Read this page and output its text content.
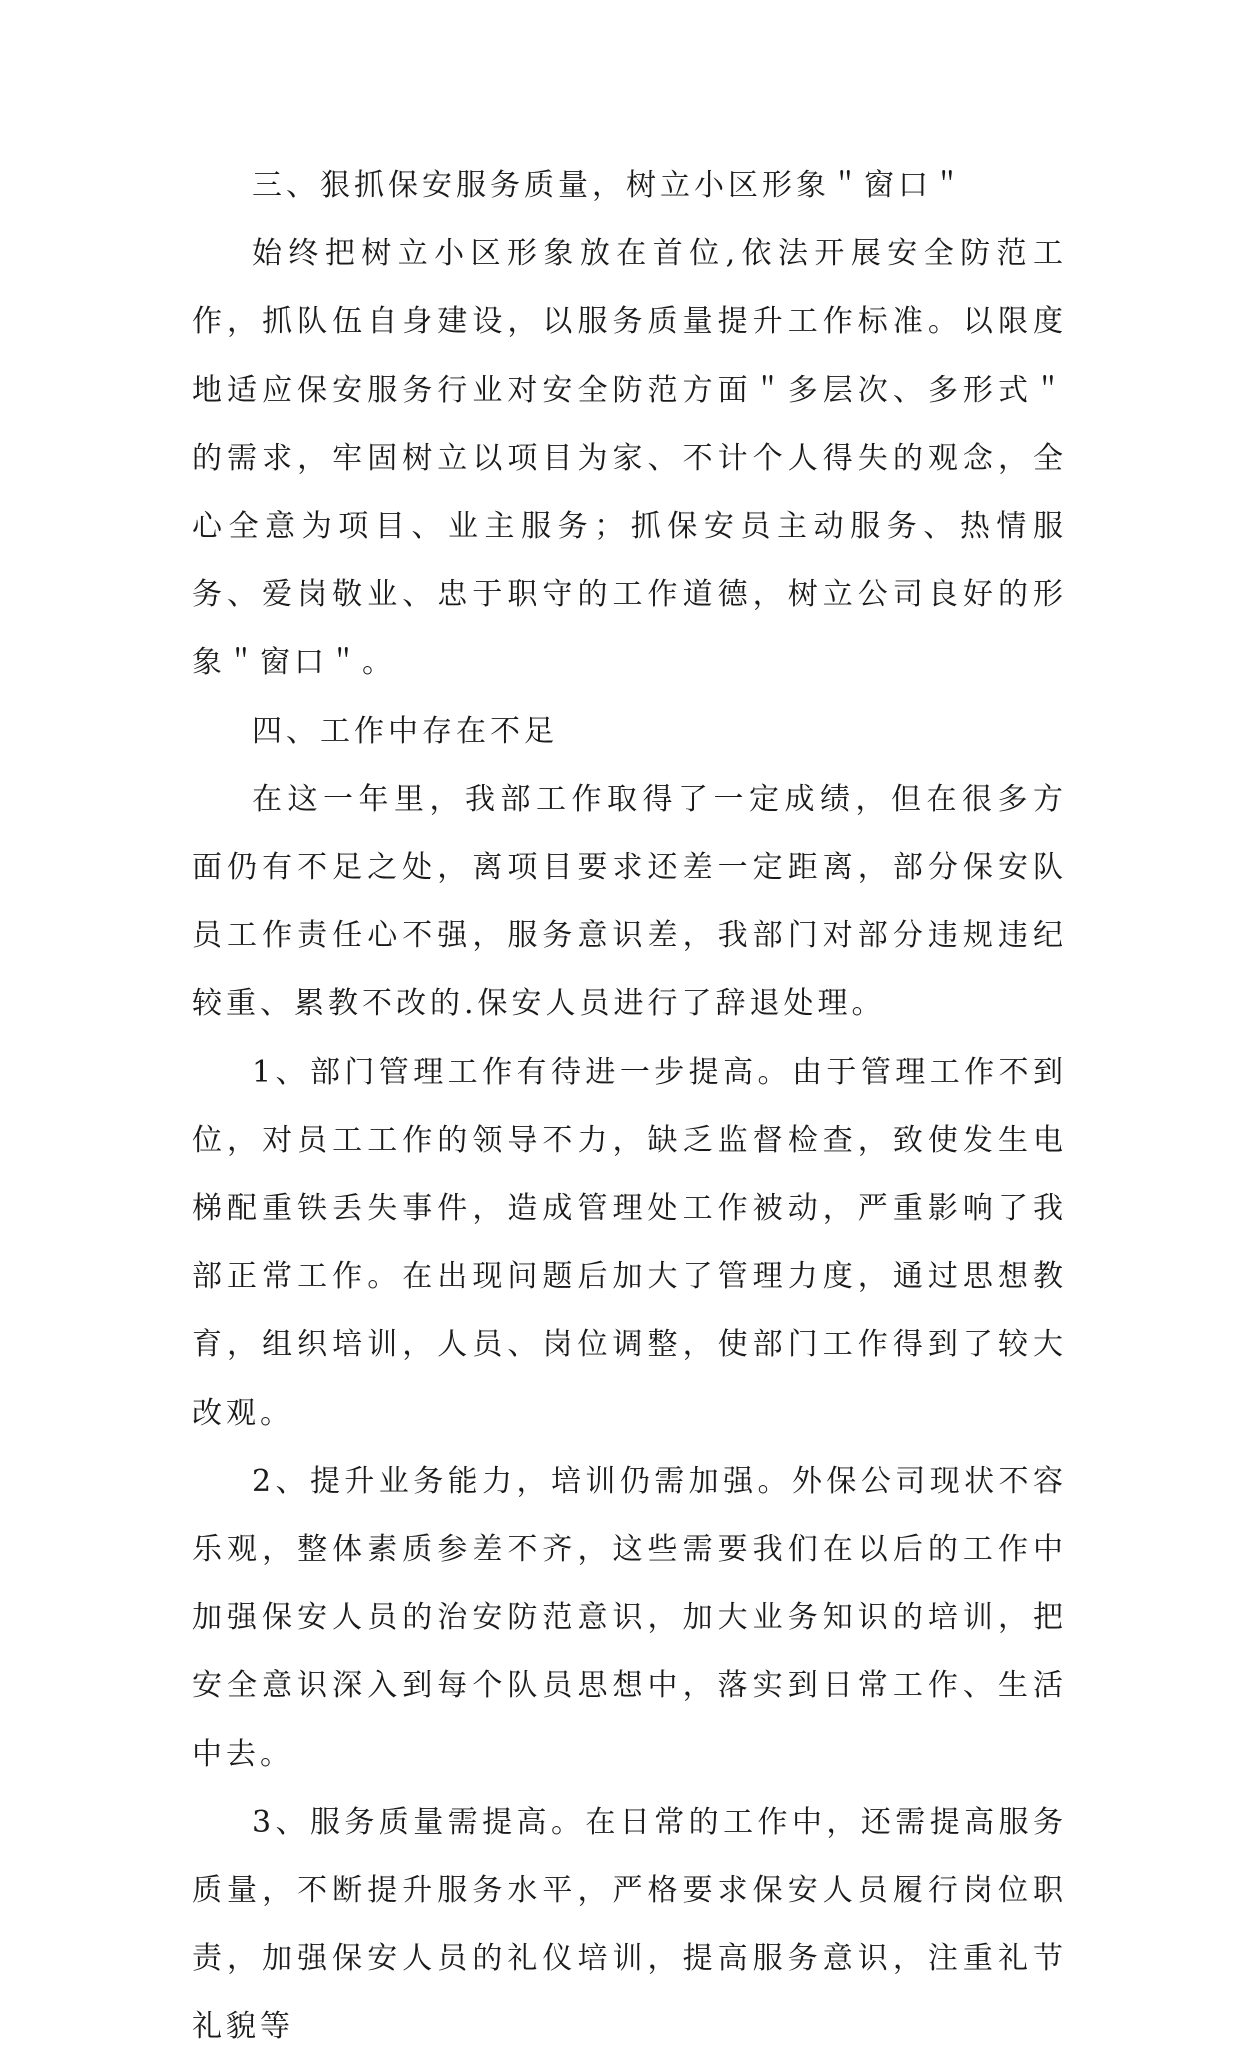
三、狠抓保安服务质量，树立小区形象＂窗口＂

始终把树立小区形象放在首位,依法开展安全防范工作，抓队伍自身建设，以服务质量提升工作标准。以限度地适应保安服务行业对安全防范方面＂多层次、多形式＂的需求，牢固树立以项目为家、不计个人得失的观念，全心全意为项目、业主服务；抓保安员主动服务、热情服务、爱岗敬业、忠于职守的工作道德，树立公司良好的形象＂窗口＂。

四、工作中存在不足

在这一年里，我部工作取得了一定成绩，但在很多方面仍有不足之处，离项目要求还差一定距离，部分保安队员工作责任心不强，服务意识差，我部门对部分违规违纪较重、累教不改的.保安人员进行了辞退处理。

1、部门管理工作有待进一步提高。由于管理工作不到位，对员工工作的领导不力，缺乏监督检查，致使发生电梯配重铁丢失事件，造成管理处工作被动，严重影响了我部正常工作。在出现问题后加大了管理力度，通过思想教育，组织培训，人员、岗位调整，使部门工作得到了较大改观。

2、提升业务能力，培训仍需加强。外保公司现状不容乐观，整体素质参差不齐，这些需要我们在以后的工作中加强保安人员的治安防范意识，加大业务知识的培训，把安全意识深入到每个队员思想中，落实到日常工作、生活中去。

3、服务质量需提高。在日常的工作中，还需提高服务质量，不断提升服务水平，严格要求保安人员履行岗位职责，加强保安人员的礼仪培训，提高服务意识，注重礼节礼貌等
